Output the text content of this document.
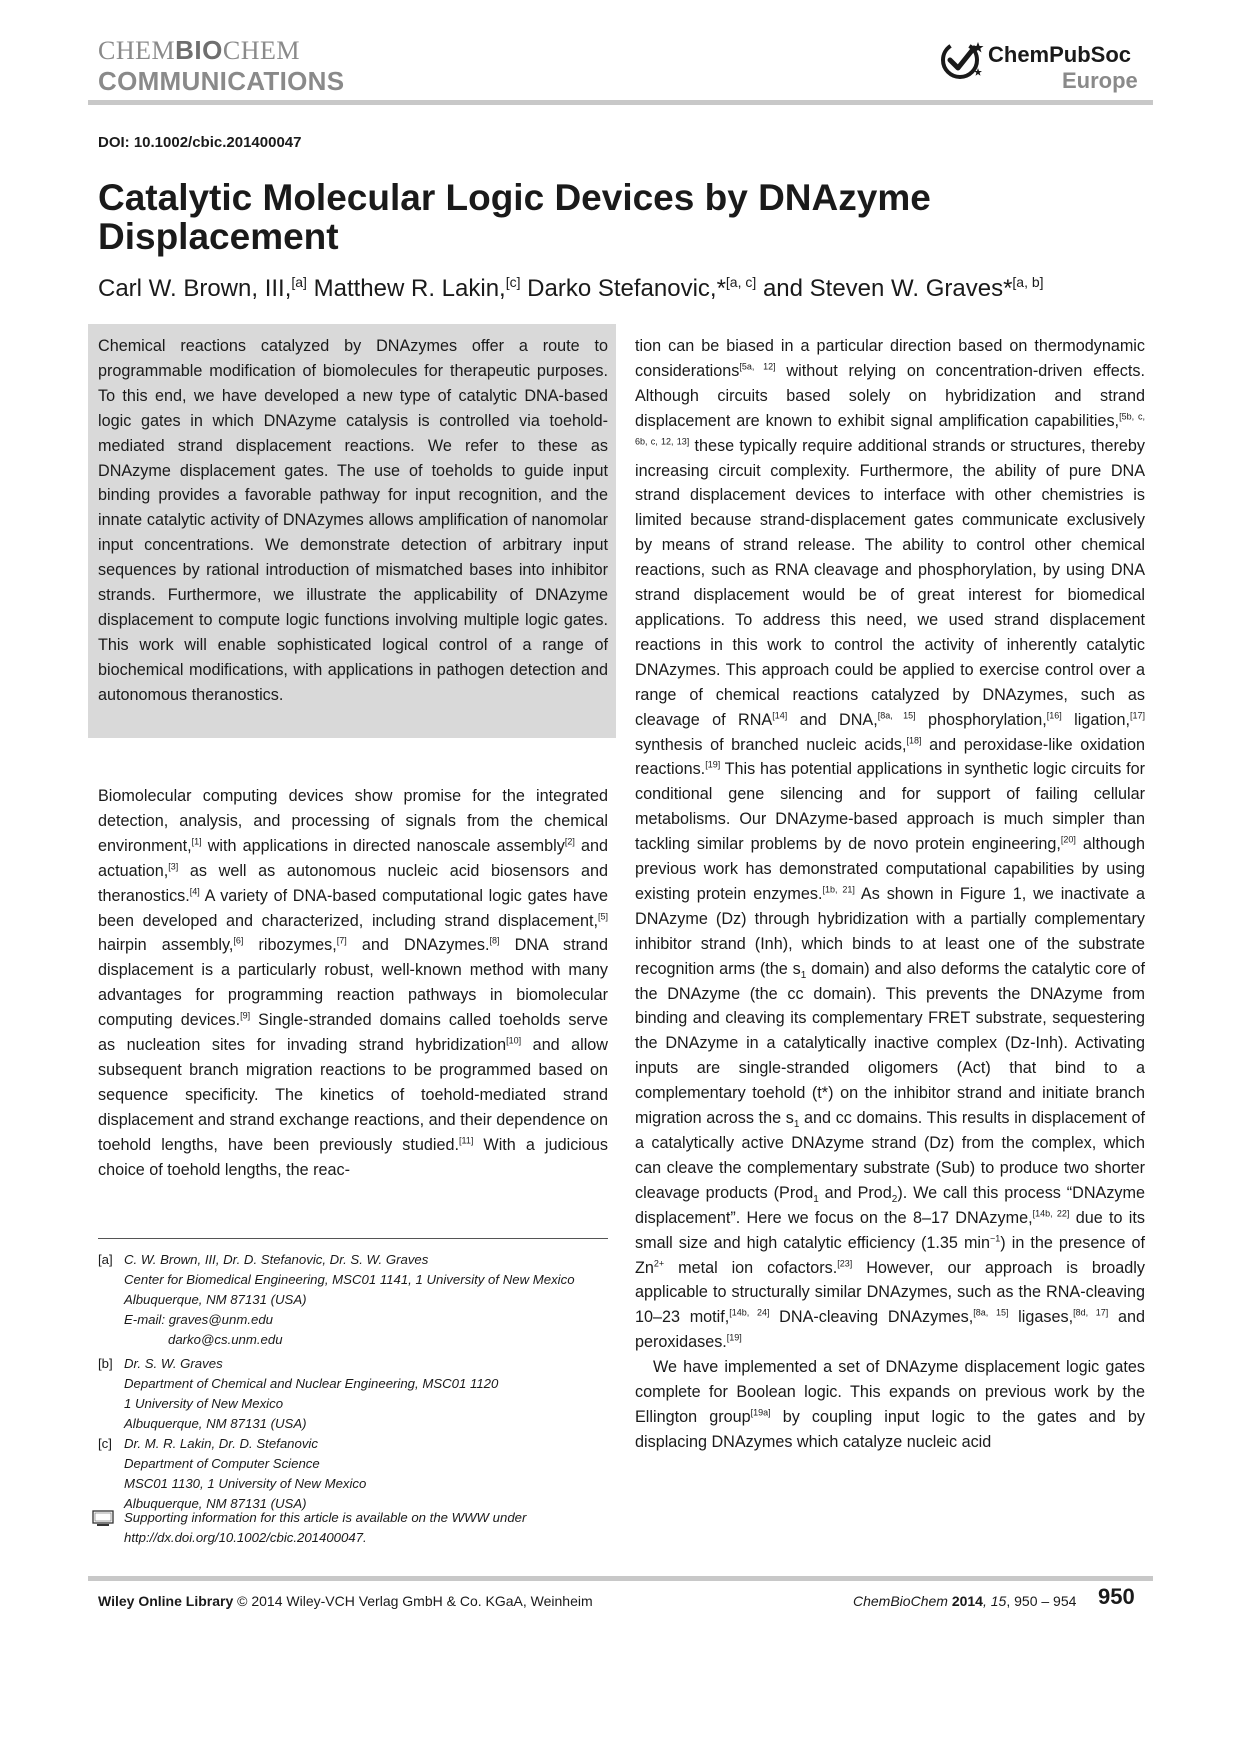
CHEMBIOCHEM
COMMUNICATIONS
ChemPubSoc
Europe
DOI: 10.1002/cbic.201400047
Catalytic Molecular Logic Devices by DNAzyme Displacement
Carl W. Brown, III,[a] Matthew R. Lakin,[c] Darko Stefanovic,*[a, c] and Steven W. Graves*[a, b]
Chemical reactions catalyzed by DNAzymes offer a route to programmable modification of biomolecules for therapeutic purposes. To this end, we have developed a new type of catalytic DNA-based logic gates in which DNAzyme catalysis is controlled via toehold-mediated strand displacement reactions. We refer to these as DNAzyme displacement gates. The use of toeholds to guide input binding provides a favorable pathway for input recognition, and the innate catalytic activity of DNAzymes allows amplification of nanomolar input concentrations. We demonstrate detection of arbitrary input sequences by rational introduction of mismatched bases into inhibitor strands. Furthermore, we illustrate the applicability of DNAzyme displacement to compute logic functions involving multiple logic gates. This work will enable sophisticated logical control of a range of biochemical modifications, with applications in pathogen detection and autonomous theranostics.

Biomolecular computing devices show promise for the integrated detection, analysis, and processing of signals from the chemical environment,[1] with applications in directed nanoscale assembly[2] and actuation,[3] as well as autonomous nucleic acid biosensors and theranostics.[4] A variety of DNA-based computational logic gates have been developed and characterized, including strand displacement,[5] hairpin assembly,[6] ribozymes,[7] and DNAzymes.[8] DNA strand displacement is a particularly robust, well-known method with many advantages for programming reaction pathways in biomolecular computing devices.[9] Single-stranded domains called toeholds serve as nucleation sites for invading strand hybridization[10] and allow subsequent branch migration reactions to be programmed based on sequence specificity. The kinetics of toehold-mediated strand displacement and strand exchange reactions, and their dependence on toehold lengths, have been previously studied.[11] With a judicious choice of toehold lengths, the reac-

[a] C. W. Brown, III, Dr. D. Stefanovic, Dr. S. W. Graves
Center for Biomedical Engineering, MSC01 1141, 1 University of New Mexico
Albuquerque, NM 87131 (USA)
E-mail: graves@unm.edu
darko@cs.unm.edu
[b] Dr. S. W. Graves
Department of Chemical and Nuclear Engineering, MSC01 1120
1 University of New Mexico
Albuquerque, NM 87131 (USA)
[c] Dr. M. R. Lakin, Dr. D. Stefanovic
Department of Computer Science
MSC01 1130, 1 University of New Mexico
Albuquerque, NM 87131 (USA)
Supporting information for this article is available on the WWW under
http://dx.doi.org/10.1002/cbic.201400047.

tion can be biased in a particular direction based on thermodynamic considerations[5a, 12] without relying on concentration-driven effects. Although circuits based solely on hybridization and strand displacement are known to exhibit signal amplification capabilities,[5b, c, 6b, c, 12, 13] these typically require additional strands or structures, thereby increasing circuit complexity. Furthermore, the ability of pure DNA strand displacement devices to interface with other chemistries is limited because strand-displacement gates communicate exclusively by means of strand release. The ability to control other chemical reactions, such as RNA cleavage and phosphorylation, by using DNA strand displacement would be of great interest for biomedical applications. To address this need, we used strand displacement reactions in this work to control the activity of inherently catalytic DNAzymes. This approach could be applied to exercise control over a range of chemical reactions catalyzed by DNAzymes, such as cleavage of RNA[14] and DNA,[8a, 15] phosphorylation,[16] ligation,[17] synthesis of branched nucleic acids,[18] and peroxidase-like oxidation reactions.[19] This has potential applications in synthetic logic circuits for conditional gene silencing and for support of failing cellular metabolisms. Our DNAzyme-based approach is much simpler than tackling similar problems by de novo protein engineering,[20] although previous work has demonstrated computational capabilities by using existing protein enzymes.[1b, 21] As shown in Figure 1, we inactivate a DNAzyme (Dz) through hybridization with a partially complementary inhibitor strand (Inh), which binds to at least one of the substrate recognition arms (the $s_1$ domain) and also deforms the catalytic core of the DNAzyme (the cc domain). This prevents the DNAzyme from binding and cleaving its complementary FRET substrate, sequestering the DNAzyme in a catalytically inactive complex (Dz-Inh). Activating inputs are single-stranded oligomers (Act) that bind to a complementary toehold (t*) on the inhibitor strand and initiate branch migration across the $s_1$ and cc domains. This results in displacement of a catalytically active DNAzyme strand (Dz) from the complex, which can cleave the complementary substrate (Sub) to produce two shorter cleavage products (Prod$_1$ and Prod$_2$). We call this process “DNAzyme displacement”. Here we focus on the 8–17 DNAzyme,[14b, 22] due to its small size and high catalytic efficiency (1.35 $\min^{-1}$) in the presence of $Zn^{2+}$ metal ion cofactors.[23] However, our approach is broadly applicable to structurally similar DNAzymes, such as the RNA-cleaving 10–23 motif,[14b, 24] DNA-cleaving DNAzymes,[8a, 15] ligases,[8d, 17] and peroxidases.[19]

We have implemented a set of DNAzyme displacement logic gates complete for Boolean logic. This expands on previous work by the Ellington group[19a] by coupling input logic to the gates and by displacing DNAzymes which catalyze nucleic acid

Wiley Online Library © 2014 Wiley-VCH Verlag GmbH & Co. KGaA, Weinheim	ChemBioChem 2014, 15, 950 – 954 950
